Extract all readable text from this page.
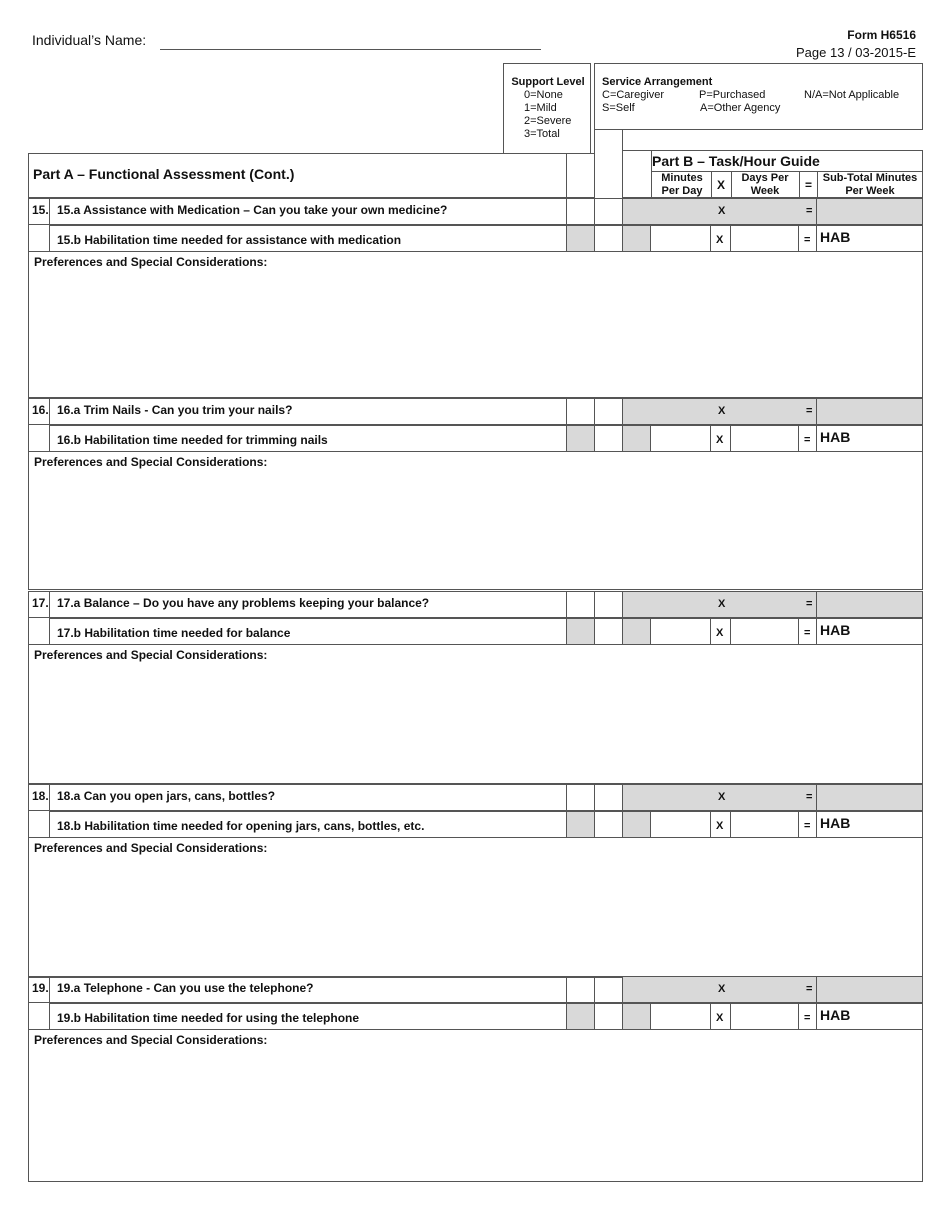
Individual’s Name:	Form H6516
Page 13 / 03-2015-E
Support Level
0=None
1=Mild
2=Severe
3=Total
Service Arrangement
C=Caregiver
S=Self
P=Purchased
A=Other Agency
N/A=Not Applicable
Part A – Functional Assessment (Cont.)
Part B – Task/Hour Guide
Minutes Per Day	X	Days Per Week	= Sub-Total Minutes Per Week
15. 15.a Assistance with Medication – Can you take your own medicine?	X	=
15.b Habilitation time needed for assistance with medication	X	= HAB
Preferences and Special Considerations:
16. 16.a Trim Nails - Can you trim your nails?	X	=
16.b Habilitation time needed for trimming nails	X	= HAB
Preferences and Special Considerations:
17. 17.a Balance – Do you have any problems keeping your balance?	X	=
17.b Habilitation time needed for balance	X	= HAB
Preferences and Special Considerations:
18. 18.a Can you open jars, cans, bottles?	X	=
18.b Habilitation time needed for opening jars, cans, bottles, etc.	X	= HAB
Preferences and Special Considerations:
19. 19.a Telephone - Can you use the telephone?	X	=
19.b Habilitation time needed for using the telephone	X	= HAB
Preferences and Special Considerations:
